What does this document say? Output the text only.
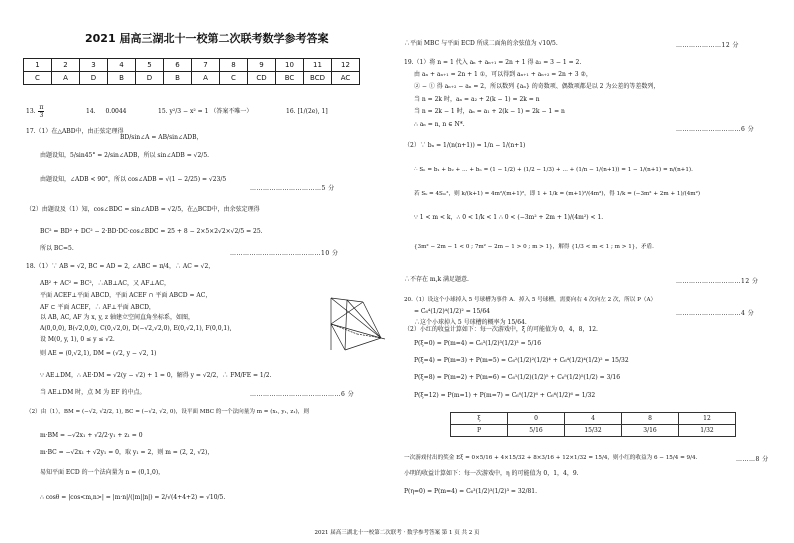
2021 届高三湖北十一校第二次联考数学参考答案
1	2	3	4	5	6	7	8	9	10	11	12
C	A	D	B	D	B	A	C	CD	BC	BCD	AC
13. $\frac{\pi}{3}$	14. 0.0044	15. y²/3 − x² = 1 （答案不唯一）	16. [1/(2e), 1]
17.（1）在△ABD中，由正弦定理得
BD/sin∠A = AB/sin∠ADB，
由题设知，5/sin45° = 2/sin∠ADB，所以 sin∠ADB = √2/5.
由题设知，∠ADB < 90°，所以 cos∠ADB = √(1 − 2/25) = √23/5
……………………………5 分
（2）由题设及（1）知，cos∠BDC = sin∠ADB = √2/5，在△BCD中，由余弦定理得
BC² = BD² + DC² − 2·BD·DC·cos∠BDC = 25 + 8 − 2×5×2√2×√2/5 = 25.
所以 BC=5.
……………………………………10 分
18.（1）∵ AB = √2, BC = AD = 2, ∠ABC = π/4，∴ AC = √2，
AB² + AC² = BC²，∴AB⊥AC，又 AF⊥AC，
平面 ACEF⊥平面 ABCD，平面 ACEF ∩ 平面 ABCD = AC，
AF ⊂ 平面 ACEF，∴ AF⊥平面 ABCD，
以 AB, AC, AF 为 x, y, z 轴建立空间直角坐标系，如图，
A(0,0,0), B(√2,0,0), C(0,√2,0), D(−√2,√2,0), E(0,√2,1), F(0,0,1),
设 M(0, y, 1), 0 ≤ y ≤ √2.
则 AE = (0,√2,1), DM = (√2, y − √2, 1)
∵ AE⊥DM，∴ AE·DM = √2(y − √2) + 1 = 0，解得 y = √2/2，∴ FM/FE = 1/2.
当 AE⊥DM 时，点 M 为 EF 的中点。	……………………………………6 分
（2）由（1），BM = (−√2, √2/2, 1), BC = (−√2, √2, 0)，设平面 MBC 的一个法向量为 m = (x₁, y₁, z₁)，则
m·BM = −√2x₁ + √2/2·y₁ + z₁ = 0
m·BC = −√2x₁ + √2y₁ = 0，取 y₁ = 2，则 m = (2, 2, √2)，
易知平面 ECD 的一个法向量为 n = (0,1,0)，
∴ cosθ = |cos<m,n>| = |m·n|/(|m||n|) = 2/√(4+4+2) = √10/5.
∴平面 MBC 与平面 ECD 所成二面角的余弦值为 √10/5.	…………………12 分
19.（1）将 n = 1 代入 aₙ + aₙ₊₁ = 2n + 1 得 a₂ = 3 − 1 = 2.
由 aₙ + aₙ₊₁ = 2n + 1 ①，可以得到 aₙ₊₁ + aₙ₊₂ = 2n + 3 ②，
② − ① 得 aₙ₊₂ − aₙ = 2，所以数列 {aₙ} 的奇数项、偶数项都是以 2 为公差的等差数列，
当 n = 2k 时，aₙ = a₂ + 2(k − 1) = 2k = n
当 n = 2k − 1 时，aₙ = a₁ + 2(k − 1) = 2k − 1 = n
∴ aₙ = n, n ∈ N*.
…………………………6 分
（2）∵ bₙ = 1/(n(n+1)) = 1/n − 1/(n+1)
∴ Sₙ = b₁ + b₂ + … + bₙ = (1 − 1/2) + (1/2 − 1/3) + … + (1/n − 1/(n+1)) = 1 − 1/(n+1) = n/(n+1).
若 Sₖ = 4Sₘ²，则 k/(k+1) = 4m²/(m+1)²，即 1 + 1/k = (m+1)²/(4m²)，得 1/k = (−3m² + 2m + 1)/(4m²)
∵ 1 < m < k，∴ 0 < 1/k < 1 ∴ 0 < (−3m² + 2m + 1)/(4m²) < 1.
{3m² − 2m − 1 < 0 ; 7m² − 2m − 1 > 0 ; m > 1}，解得 {1/3 < m < 1 ; m > 1}，矛盾.
∴不存在 m,k 满足题意.	…………………………12 分
20.（1）设这个小球掉入 5 号球槽为事件 A．掉入 5 号球槽，需要向右 4 次向左 2 次，所以 P（A）
= C₆⁴(1/2)⁴(1/2)² = 15/64	…………………………4 分
∴这个小球掉入 5 号球槽的概率为 15/64.
（2）小红的收益计算如下：每一次游戏中，ξ 的可能值为 0，4，8，12.
P(ξ=0) = P(m=4) = C₆³(1/2)³(1/2)³ = 5/16
P(ξ=4) = P(m=3) + P(m=5) = C₆²(1/2)²(1/2)⁴ + C₆⁴(1/2)⁴(1/2)² = 15/32
P(ξ=8) = P(m=2) + P(m=6) = C₆¹(1/2)(1/2)⁵ + C₆⁵(1/2)⁵(1/2) = 3/16
P(ξ=12) = P(m=1) + P(m=7) = C₆⁰(1/2)⁶ + C₆⁶(1/2)⁶ = 1/32
ξ	0	4	8	12
P	5/16	15/32	3/16	1/32
一次游戏付出的奖金 Eξ = 0×5/16 + 4×15/32 + 8×3/16 + 12×1/32 = 15/4，则小红的收益为 6 − 15/4 = 9/4.	………8 分
小明的收益计算如下：每一次游戏中，η 的可能值为 0，1，4，9.
P(η=0) = P(m=4) = C₆³(1/2)³(1/2)³ = 32/81.
2021 届高三湖北十一校第二次联考 · 数学参考答案 第 1 页 共 2 页
